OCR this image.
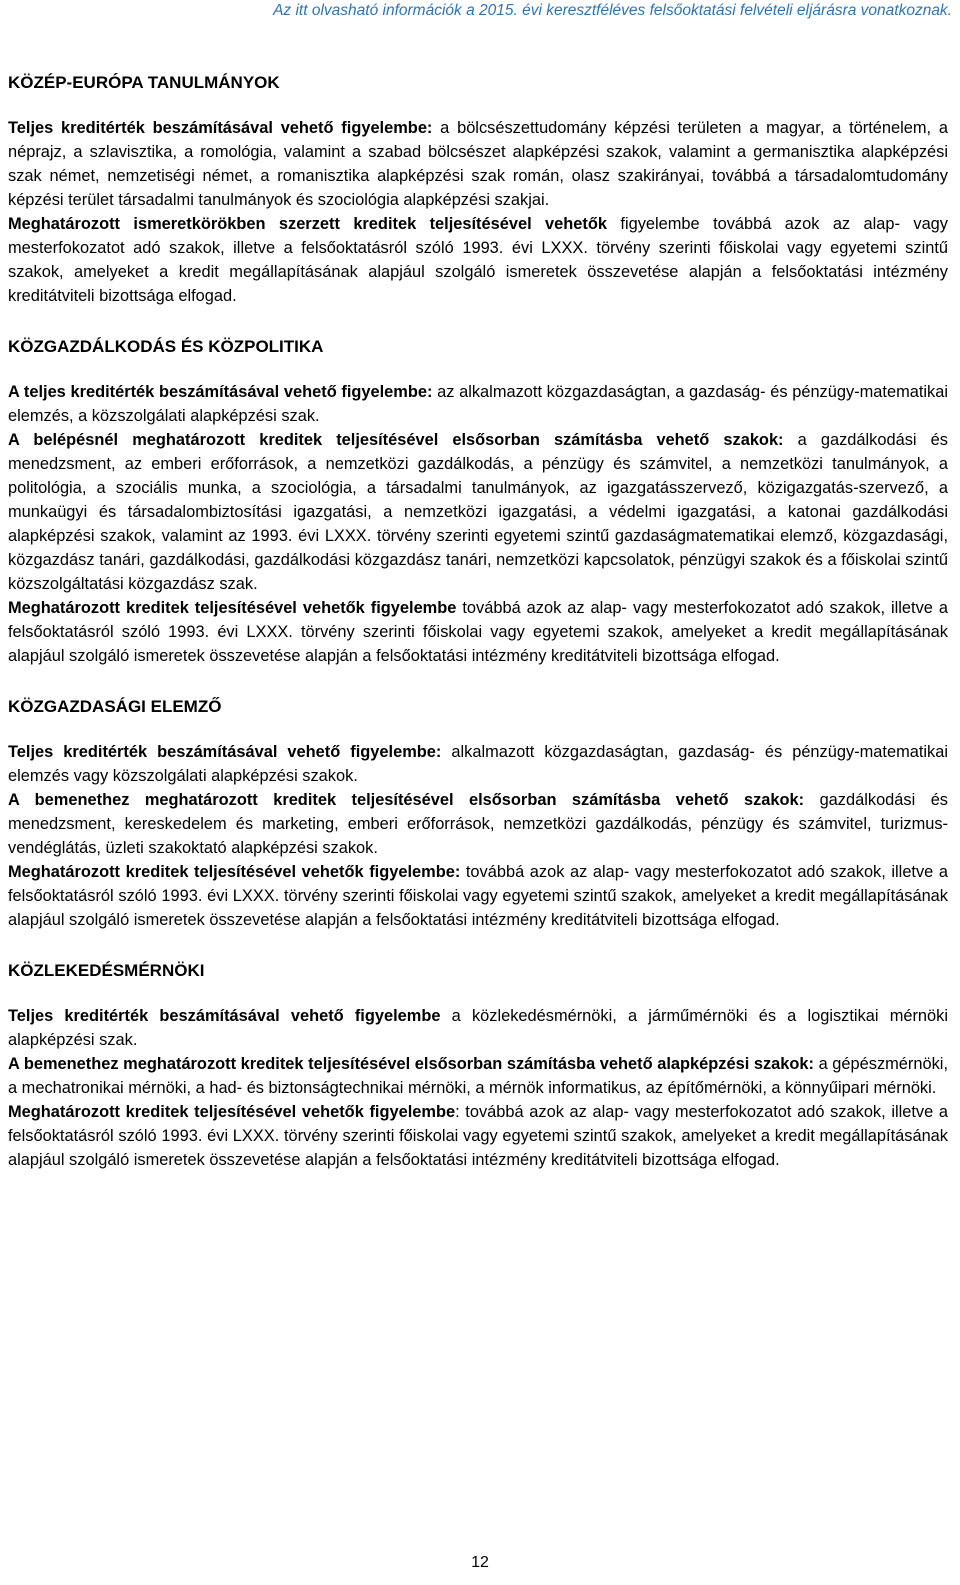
Az itt olvasható információk a 2015. évi keresztféléves felsőoktatási felvételi eljárásra vonatkoznak.
KÖZÉP-EURÓPA TANULMÁNYOK

Teljes kreditérték beszámításával vehető figyelembe: a bölcsészettudomány képzési területen a magyar, a történelem, a néprajz, a szlavisztika, a romológia, valamint a szabad bölcsészet alapképzési szakok, valamint a germanisztika alapképzési szak német, nemzetiségi német, a romanisztika alapképzési szak román, olasz szakirányai, továbbá a társadalomtudomány képzési terület társadalmi tanulmányok és szociológia alapképzési szakjai.

Meghatározott ismeretkörökben szerzett kreditek teljesítésével vehetők figyelembe továbbá azok az alap- vagy mesterfokozatot adó szakok, illetve a felsőoktatásról szóló 1993. évi LXXX. törvény szerinti főiskolai vagy egyetemi szintű szakok, amelyeket a kredit megállapításának alapjául szolgáló ismeretek összevetése alapján a felsőoktatási intézmény kreditátviteli bizottsága elfogad.

KÖZGAZDÁLKODÁS ÉS KÖZPOLITIKA

A teljes kreditérték beszámításával vehető figyelembe: az alkalmazott közgazdaságtan, a gazdaság- és pénzügy-matematikai elemzés, a közszolgálati alapképzési szak.

A belépésnél meghatározott kreditek teljesítésével elsősorban számításba vehető szakok: a gazdálkodási és menedzsment, az emberi erőforrások, a nemzetközi gazdálkodás, a pénzügy és számvitel, a nemzetközi tanulmányok, a politológia, a szociális munka, a szociológia, a társadalmi tanulmányok, az igazgatásszervező, közigazgatás-szervező, a munkaügyi és társadalombiztosítási igazgatási, a nemzetközi igazgatási, a védelmi igazgatási, a katonai gazdálkodási alapképzési szakok, valamint az 1993. évi LXXX. törvény szerinti egyetemi szintű gazdaságmatematikai elemző, közgazdasági, közgazdász tanári, gazdálkodási, gazdálkodási közgazdász tanári, nemzetközi kapcsolatok, pénzügyi szakok és a főiskolai szintű közszolgáltatási közgazdász szak.

Meghatározott kreditek teljesítésével vehetők figyelembe továbbá azok az alap- vagy mesterfokozatot adó szakok, illetve a felsőoktatásról szóló 1993. évi LXXX. törvény szerinti főiskolai vagy egyetemi szakok, amelyeket a kredit megállapításának alapjául szolgáló ismeretek összevetése alapján a felsőoktatási intézmény kreditátviteli bizottsága elfogad.

KÖZGAZDASÁGI ELEMZŐ

Teljes kreditérték beszámításával vehető figyelembe: alkalmazott közgazdaságtan, gazdaság- és pénzügy-matematikai elemzés vagy közszolgálati alapképzési szakok.

A bemenethez meghatározott kreditek teljesítésével elsősorban számításba vehető szakok: gazdálkodási és menedzsment, kereskedelem és marketing, emberi erőforrások, nemzetközi gazdálkodás, pénzügy és számvitel, turizmus-vendéglátás, üzleti szakoktató alapképzési szakok.

Meghatározott kreditek teljesítésével vehetők figyelembe: továbbá azok az alap- vagy mesterfokozatot adó szakok, illetve a felsőoktatásról szóló 1993. évi LXXX. törvény szerinti főiskolai vagy egyetemi szintű szakok, amelyeket a kredit megállapításának alapjául szolgáló ismeretek összevetése alapján a felsőoktatási intézmény kreditátviteli bizottsága elfogad.

KÖZLEKEDÉSMÉRNÖKI

Teljes kreditérték beszámításával vehető figyelembe a közlekedésmérnöki, a járműmérnöki és a logisztikai mérnöki alapképzési szak.

A bemenethez meghatározott kreditek teljesítésével elsősorban számításba vehető alapképzési szakok: a gépészmérnöki, a mechatronikai mérnöki, a had- és biztonságtechnikai mérnöki, a mérnök informatikus, az építőmérnöki, a könnyűipari mérnöki.

Meghatározott kreditek teljesítésével vehetők figyelembe: továbbá azok az alap- vagy mesterfokozatot adó szakok, illetve a felsőoktatásról szóló 1993. évi LXXX. törvény szerinti főiskolai vagy egyetemi szintű szakok, amelyeket a kredit megállapításának alapjául szolgáló ismeretek összevetése alapján a felsőoktatási intézmény kreditátviteli bizottsága elfogad.

12
